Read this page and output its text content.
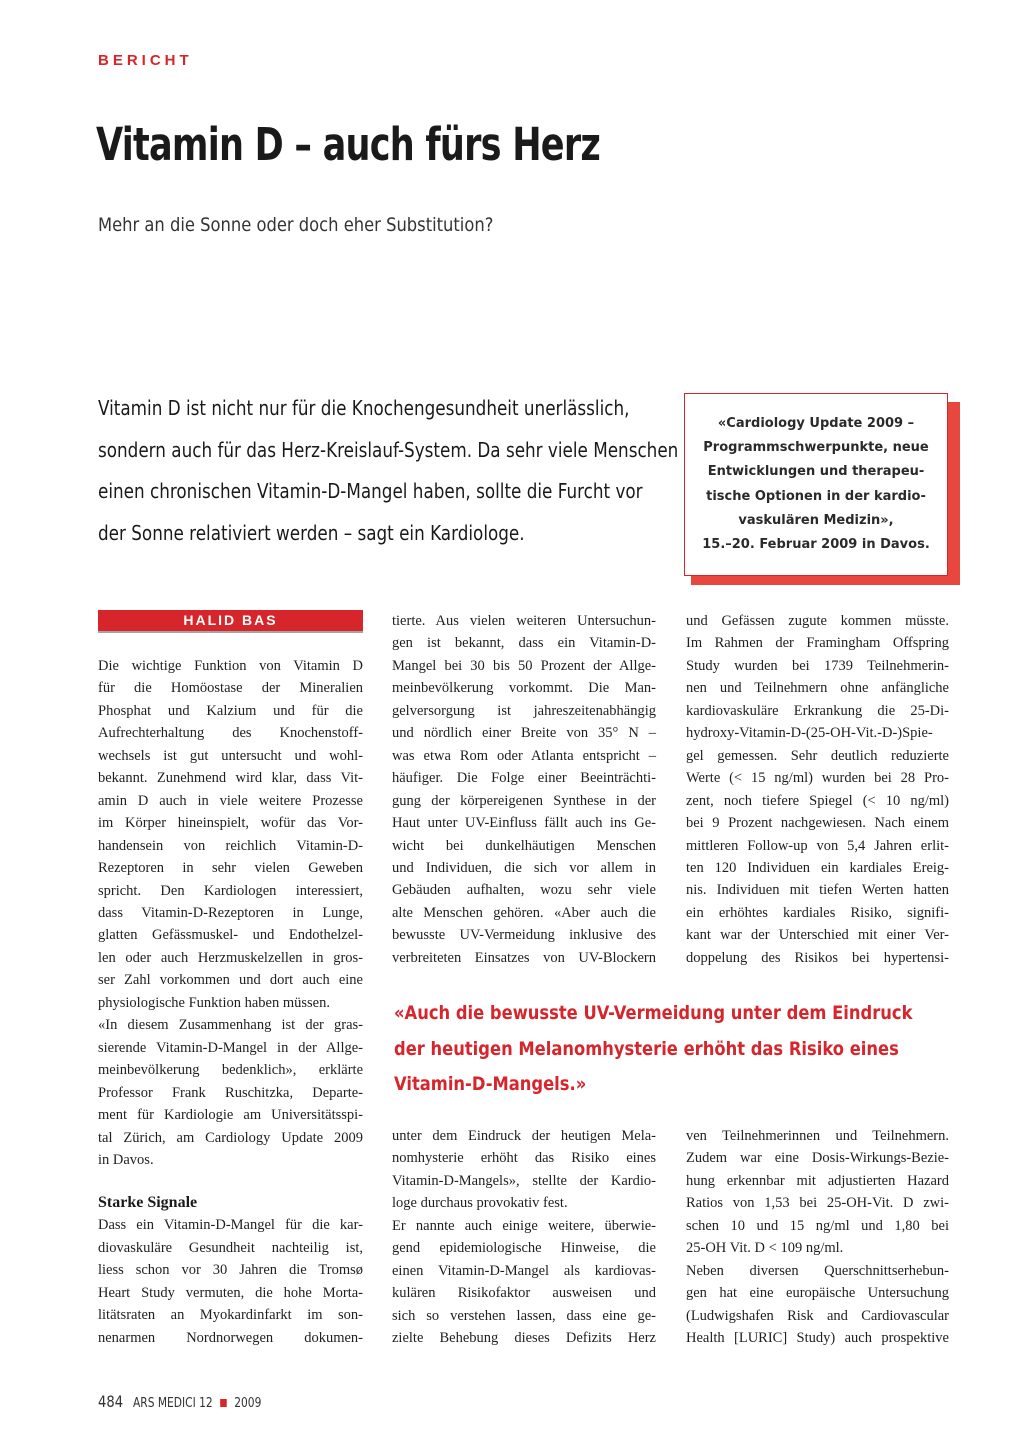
BERICHT
Vitamin D – auch fürs Herz
Mehr an die Sonne oder doch eher Substitution?

Vitamin D ist nicht nur für die Knochengesundheit unerlässlich,

sondern auch für das Herz-Kreislauf-System. Da sehr viele Menschen

einen chronischen Vitamin-D-Mangel haben, sollte die Furcht vor

der Sonne relativiert werden – sagt ein Kardiologe.

«Cardiology Update 2009 –

Programmschwerpunkte, neue

Entwicklungen und therapeu-

tische Optionen in der kardio-

vaskulären Medizin»,

15.–20. Februar 2009 in Davos.

HALID BAS

Die wichtige Funktion von Vitamin D

für die Homöostase der Mineralien

Phosphat und Kalzium und für die

Aufrechterhaltung des Knochenstoff-

wechsels ist gut untersucht und wohl-

bekannt. Zunehmend wird klar, dass Vit-

amin D auch in viele weitere Prozesse

im Körper hineinspielt, wofür das Vor-

handensein von reichlich Vitamin-D-

Rezeptoren in sehr vielen Geweben

spricht. Den Kardiologen interessiert,

dass Vitamin-D-Rezeptoren in Lunge,

glatten Gefässmuskel- und Endothelzel-

len oder auch Herzmuskelzellen in gros-

ser Zahl vorkommen und dort auch eine

physiologische Funktion haben müssen.

«In diesem Zusammenhang ist der gras-

sierende Vitamin-D-Mangel in der Allge-

meinbevölkerung bedenklich», erklärte

Professor Frank Ruschitzka, Departe-

ment für Kardiologie am Universitätsspi-

tal Zürich, am Cardiology Update 2009

in Davos.

Starke Signale

Dass ein Vitamin-D-Mangel für die kar-

diovaskuläre Gesundheit nachteilig ist,

liess schon vor 30 Jahren die Tromsø

Heart Study vermuten, die hohe Morta-

litätsraten an Myokardinfarkt im son-

nenarmen Nordnorwegen dokumen-

tierte. Aus vielen weiteren Untersuchun-

gen ist bekannt, dass ein Vitamin-D-

Mangel bei 30 bis 50 Prozent der Allge-

meinbevölkerung vorkommt. Die Man-

gelversorgung ist jahreszeitenabhängig

und nördlich einer Breite von 35° N –

was etwa Rom oder Atlanta entspricht –

häufiger. Die Folge einer Beeinträchti-

gung der körpereigenen Synthese in der

Haut unter UV-Einfluss fällt auch ins Ge-

wicht bei dunkelhäutigen Menschen

und Individuen, die sich vor allem in

Gebäuden aufhalten, wozu sehr viele

alte Menschen gehören. «Aber auch die

bewusste UV-Vermeidung inklusive des

verbreiteten Einsatzes von UV-Blockern

«Auch die bewusste UV-Vermeidung unter dem Eindruck

der heutigen Melanomhysterie erhöht das Risiko eines

Vitamin-D-Mangels.»

unter dem Eindruck der heutigen Mela-

nomhysterie erhöht das Risiko eines

Vitamin-D-Mangels», stellte der Kardio-

loge durchaus provokativ fest.

Er nannte auch einige weitere, überwie-

gend epidemiologische Hinweise, die

einen Vitamin-D-Mangel als kardiovas-

kulären Risikofaktor ausweisen und

sich so verstehen lassen, dass eine ge-

zielte Behebung dieses Defizits Herz

und Gefässen zugute kommen müsste.

Im Rahmen der Framingham Offspring

Study wurden bei 1739 Teilnehmerin-

nen und Teilnehmern ohne anfängliche

kardiovaskuläre Erkrankung die 25-Di-

hydroxy-Vitamin-D-(25-OH-Vit.-D-)Spie-

gel gemessen. Sehr deutlich reduzierte

Werte (< 15 ng/ml) wurden bei 28 Pro-

zent, noch tiefere Spiegel (< 10 ng/ml)

bei 9 Prozent nachgewiesen. Nach einem

mittleren Follow-up von 5,4 Jahren erlit-

ten 120 Individuen ein kardiales Ereig-

nis. Individuen mit tiefen Werten hatten

ein erhöhtes kardiales Risiko, signifi-

kant war der Unterschied mit einer Ver-

doppelung des Risikos bei hypertensi-

ven Teilnehmerinnen und Teilnehmern.

Zudem war eine Dosis-Wirkungs-Bezie-

hung erkennbar mit adjustierten Hazard

Ratios von 1,53 bei 25-OH-Vit. D zwi-

schen 10 und 15 ng/ml und 1,80 bei

25-OH Vit. D < 109 ng/ml.

Neben diversen Querschnittserhebun-

gen hat eine europäische Untersuchung

(Ludwigshafen Risk and Cardiovascular

Health [LURIC] Study) auch prospektive

484 ARS MEDICI 12 2009
